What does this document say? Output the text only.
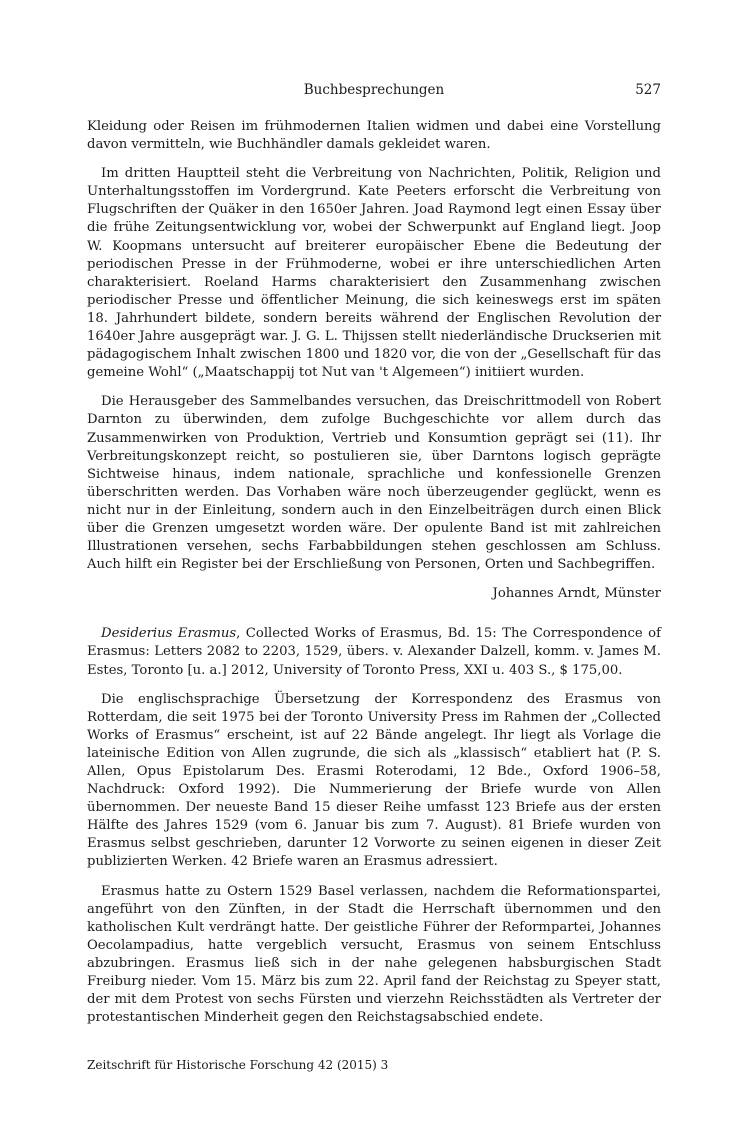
Buchbesprechungen	527

Kleidung oder Reisen im frühmodernen Italien widmen und dabei eine Vorstellung davon vermitteln, wie Buchhändler damals gekleidet waren.

Im dritten Hauptteil steht die Verbreitung von Nachrichten, Politik, Religion und Unterhaltungsstoffen im Vordergrund. Kate Peeters erforscht die Verbreitung von Flugschriften der Quäker in den 1650er Jahren. Joad Raymond legt einen Essay über die frühe Zeitungsentwicklung vor, wobei der Schwerpunkt auf England liegt. Joop W. Koopmans untersucht auf breiterer europäischer Ebene die Bedeutung der periodischen Presse in der Frühmoderne, wobei er ihre unterschiedlichen Arten charakterisiert. Roeland Harms charakterisiert den Zusammenhang zwischen periodischer Presse und öffentlicher Meinung, die sich keineswegs erst im späten 18. Jahrhundert bildete, sondern bereits während der Englischen Revolution der 1640er Jahre ausgeprägt war. J. G. L. Thijssen stellt niederländische Druckserien mit pädagogischem Inhalt zwischen 1800 und 1820 vor, die von der „Gesellschaft für das gemeine Wohl“ („Maatschappij tot Nut van 't Algemeen“) initiiert wurden.

Die Herausgeber des Sammelbandes versuchen, das Dreischrittmodell von Robert Darnton zu überwinden, dem zufolge Buchgeschichte vor allem durch das Zusammenwirken von Produktion, Vertrieb und Konsumtion geprägt sei (11). Ihr Verbreitungskonzept reicht, so postulieren sie, über Darntons logisch geprägte Sichtweise hinaus, indem nationale, sprachliche und konfessionelle Grenzen überschritten werden. Das Vorhaben wäre noch überzeugender geglückt, wenn es nicht nur in der Einleitung, sondern auch in den Einzelbeiträgen durch einen Blick über die Grenzen umgesetzt worden wäre. Der opulente Band ist mit zahlreichen Illustrationen versehen, sechs Farbabbildungen stehen geschlossen am Schluss. Auch hilft ein Register bei der Erschließung von Personen, Orten und Sachbegriffen.

Johannes Arndt, Münster

Desiderius Erasmus, Collected Works of Erasmus, Bd. 15: The Correspondence of Erasmus: Letters 2082 to 2203, 1529, übers. v. Alexander Dalzell, komm. v. James M. Estes, Toronto [u. a.] 2012, University of Toronto Press, XXI u. 403 S., $ 175,00.

Die englischsprachige Übersetzung der Korrespondenz des Erasmus von Rotterdam, die seit 1975 bei der Toronto University Press im Rahmen der „Collected Works of Erasmus“ erscheint, ist auf 22 Bände angelegt. Ihr liegt als Vorlage die lateinische Edition von Allen zugrunde, die sich als „klassisch“ etabliert hat (P. S. Allen, Opus Epistolarum Des. Erasmi Roterodami, 12 Bde., Oxford 1906–58, Nachdruck: Oxford 1992). Die Nummerierung der Briefe wurde von Allen übernommen. Der neueste Band 15 dieser Reihe umfasst 123 Briefe aus der ersten Hälfte des Jahres 1529 (vom 6. Januar bis zum 7. August). 81 Briefe wurden von Erasmus selbst geschrieben, darunter 12 Vorworte zu seinen eigenen in dieser Zeit publizierten Werken. 42 Briefe waren an Erasmus adressiert.

Erasmus hatte zu Ostern 1529 Basel verlassen, nachdem die Reformationspartei, angeführt von den Zünften, in der Stadt die Herrschaft übernommen und den katholischen Kult verdrängt hatte. Der geistliche Führer der Reformpartei, Johannes Oecolampadius, hatte vergeblich versucht, Erasmus von seinem Entschluss abzubringen. Erasmus ließ sich in der nahe gelegenen habsburgischen Stadt Freiburg nieder. Vom 15. März bis zum 22. April fand der Reichstag zu Speyer statt, der mit dem Protest von sechs Fürsten und vierzehn Reichsstädten als Vertreter der protestantischen Minderheit gegen den Reichstagsabschied endete.

Zeitschrift für Historische Forschung 42 (2015) 3
